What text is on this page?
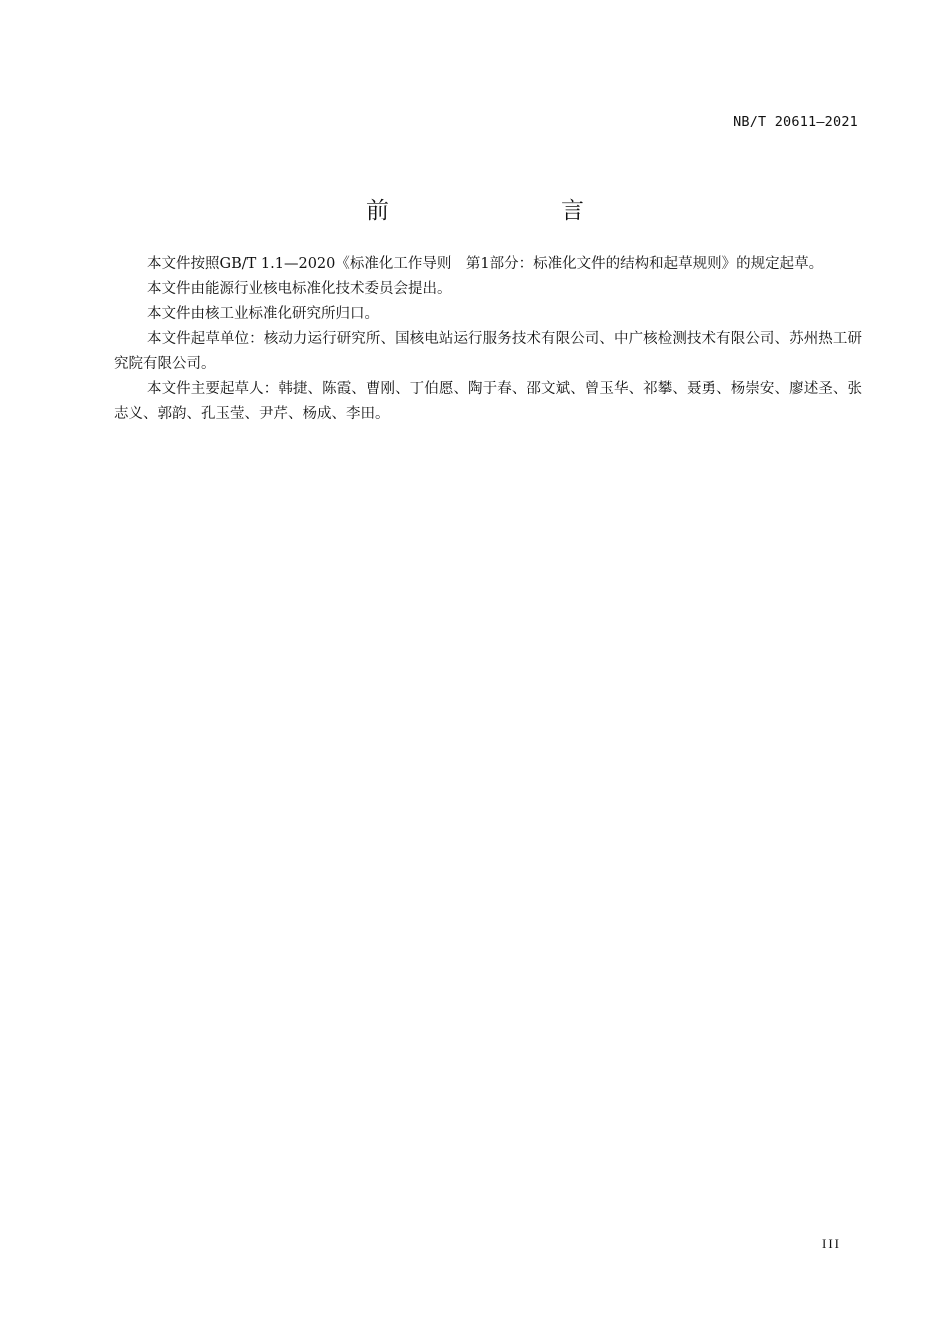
NB/T 20611—2021
前　　言

本文件按照GB/T 1.1—2020《标准化工作导则　第1部分：标准化文件的结构和起草规则》的规定起草。

本文件由能源行业核电标准化技术委员会提出。

本文件由核工业标准化研究所归口。

本文件起草单位：核动力运行研究所、国核电站运行服务技术有限公司、中广核检测技术有限公司、苏州热工研究院有限公司。

本文件主要起草人：韩捷、陈霞、曹刚、丁伯愿、陶于春、邵文斌、曾玉华、祁攀、聂勇、杨崇安、廖述圣、张志义、郭韵、孔玉莹、尹芹、杨成、李田。

III
